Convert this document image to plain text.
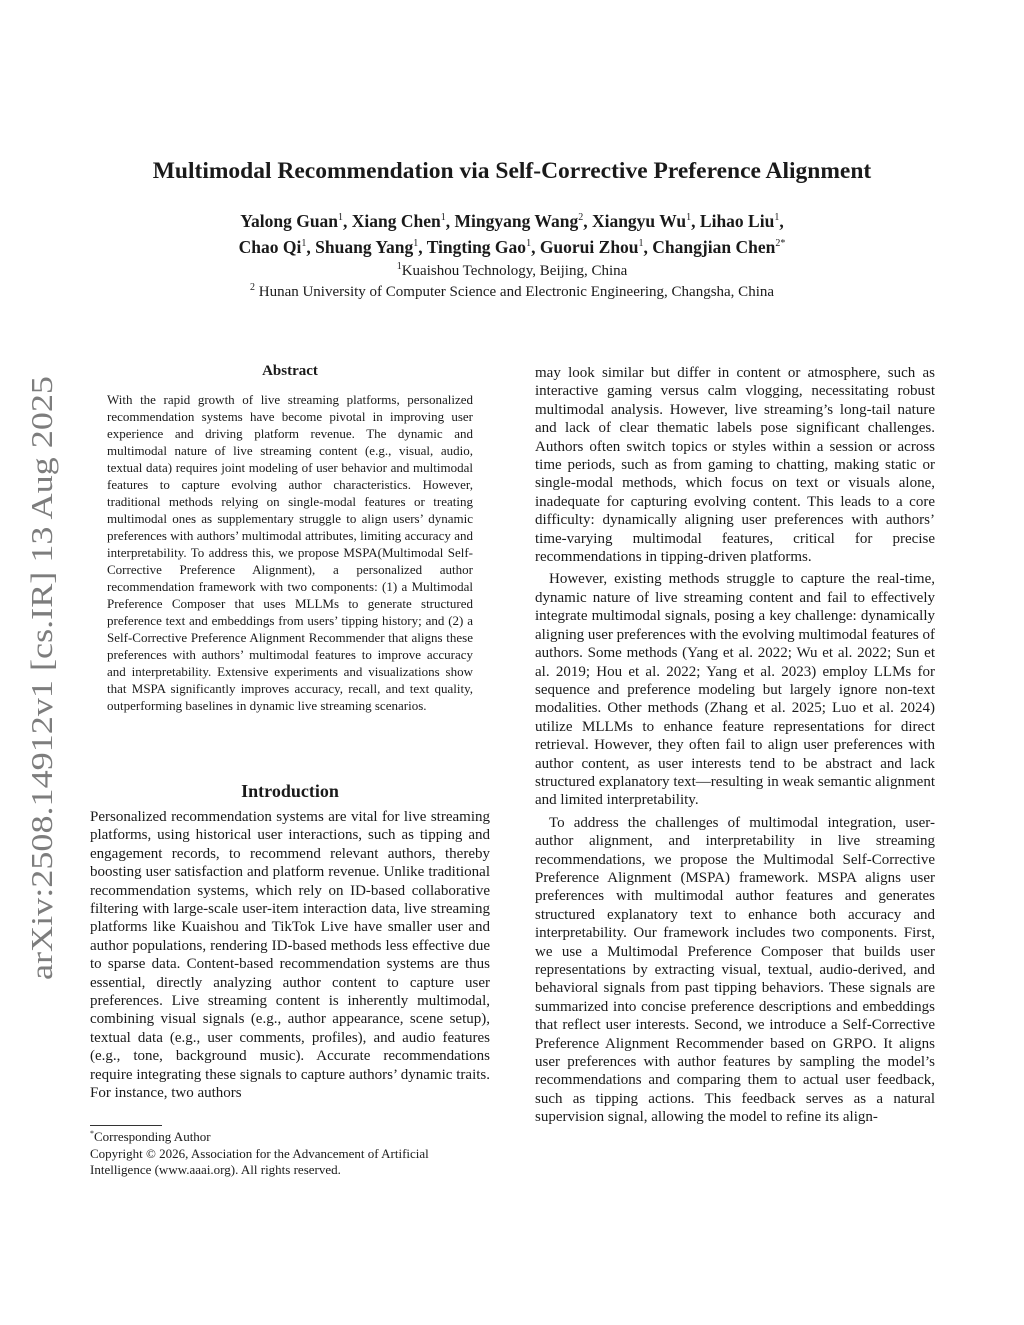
arXiv:2508.14912v1 [cs.IR] 13 Aug 2025
Multimodal Recommendation via Self-Corrective Preference Alignment
Yalong Guan$^1$, Xiang Chen$^1$, Mingyang Wang$^2$, Xiangyu Wu$^1$, Lihao Liu$^1$,
Chao Qi$^1$, Shuang Yang$^1$, Tingting Gao$^1$, Guorui Zhou$^1$, Changjian Chen$^{2*}$
$^1$Kuaishou Technology, Beijing, China
$^2$ Hunan University of Computer Science and Electronic Engineering, Changsha, China
Abstract
With the rapid growth of live streaming platforms, personalized recommendation systems have become pivotal in improving user experience and driving platform revenue. The dynamic and multimodal nature of live streaming content (e.g., visual, audio, textual data) requires joint modeling of user behavior and multimodal features to capture evolving author characteristics. However, traditional methods relying on single-modal features or treating multimodal ones as supplementary struggle to align users’ dynamic preferences with authors’ multimodal attributes, limiting accuracy and interpretability. To address this, we propose MSPA(Multimodal Self-Corrective Preference Alignment), a personalized author recommendation framework with two components: (1) a Multimodal Preference Composer that uses MLLMs to generate structured preference text and embeddings from users’ tipping history; and (2) a Self-Corrective Preference Alignment Recommender that aligns these preferences with authors’ multimodal features to improve accuracy and interpretability. Extensive experiments and visualizations show that MSPA significantly improves accuracy, recall, and text quality, outperforming baselines in dynamic live streaming scenarios.
Introduction
Personalized recommendation systems are vital for live streaming platforms, using historical user interactions, such as tipping and engagement records, to recommend relevant authors, thereby boosting user satisfaction and platform revenue. Unlike traditional recommendation systems, which rely on ID-based collaborative filtering with large-scale user-item interaction data, live streaming platforms like Kuaishou and TikTok Live have smaller user and author populations, rendering ID-based methods less effective due to sparse data. Content-based recommendation systems are thus essential, directly analyzing author content to capture user preferences. Live streaming content is inherently multimodal, combining visual signals (e.g., author appearance, scene setup), textual data (e.g., user comments, profiles), and audio features (e.g., tone, background music). Accurate recommendations require integrating these signals to capture authors’ dynamic traits. For instance, two authors
*Corresponding Author
Copyright © 2026, Association for the Advancement of Artificial Intelligence (www.aaai.org). All rights reserved.

may look similar but differ in content or atmosphere, such as interactive gaming versus calm vlogging, necessitating robust multimodal analysis. However, live streaming’s long-tail nature and lack of clear thematic labels pose significant challenges. Authors often switch topics or styles within a session or across time periods, such as from gaming to chatting, making static or single-modal methods, which focus on text or visuals alone, inadequate for capturing evolving content. This leads to a core difficulty: dynamically aligning user preferences with authors’ time-varying multimodal features, critical for precise recommendations in tipping-driven platforms.

However, existing methods struggle to capture the real-time, dynamic nature of live streaming content and fail to effectively integrate multimodal signals, posing a key challenge: dynamically aligning user preferences with the evolving multimodal features of authors. Some methods (Yang et al. 2022; Wu et al. 2022; Sun et al. 2019; Hou et al. 2022; Yang et al. 2023) employ LLMs for sequence and preference modeling but largely ignore non-text modalities. Other methods (Zhang et al. 2025; Luo et al. 2024) utilize MLLMs to enhance feature representations for direct retrieval. However, they often fail to align user preferences with author content, as user interests tend to be abstract and lack structured explanatory text—resulting in weak semantic alignment and limited interpretability.

To address the challenges of multimodal integration, user-author alignment, and interpretability in live streaming recommendations, we propose the Multimodal Self-Corrective Preference Alignment (MSPA) framework. MSPA aligns user preferences with multimodal author features and generates structured explanatory text to enhance both accuracy and interpretability. Our framework includes two components. First, we use a Multimodal Preference Composer that builds user representations by extracting visual, textual, audio-derived, and behavioral signals from past tipping behaviors. These signals are summarized into concise preference descriptions and embeddings that reflect user interests. Second, we introduce a Self-Corrective Preference Alignment Recommender based on GRPO. It aligns user preferences with author features by sampling the model’s recommendations and comparing them to actual user feedback, such as tipping actions. This feedback serves as a natural supervision signal, allowing the model to refine its align-
